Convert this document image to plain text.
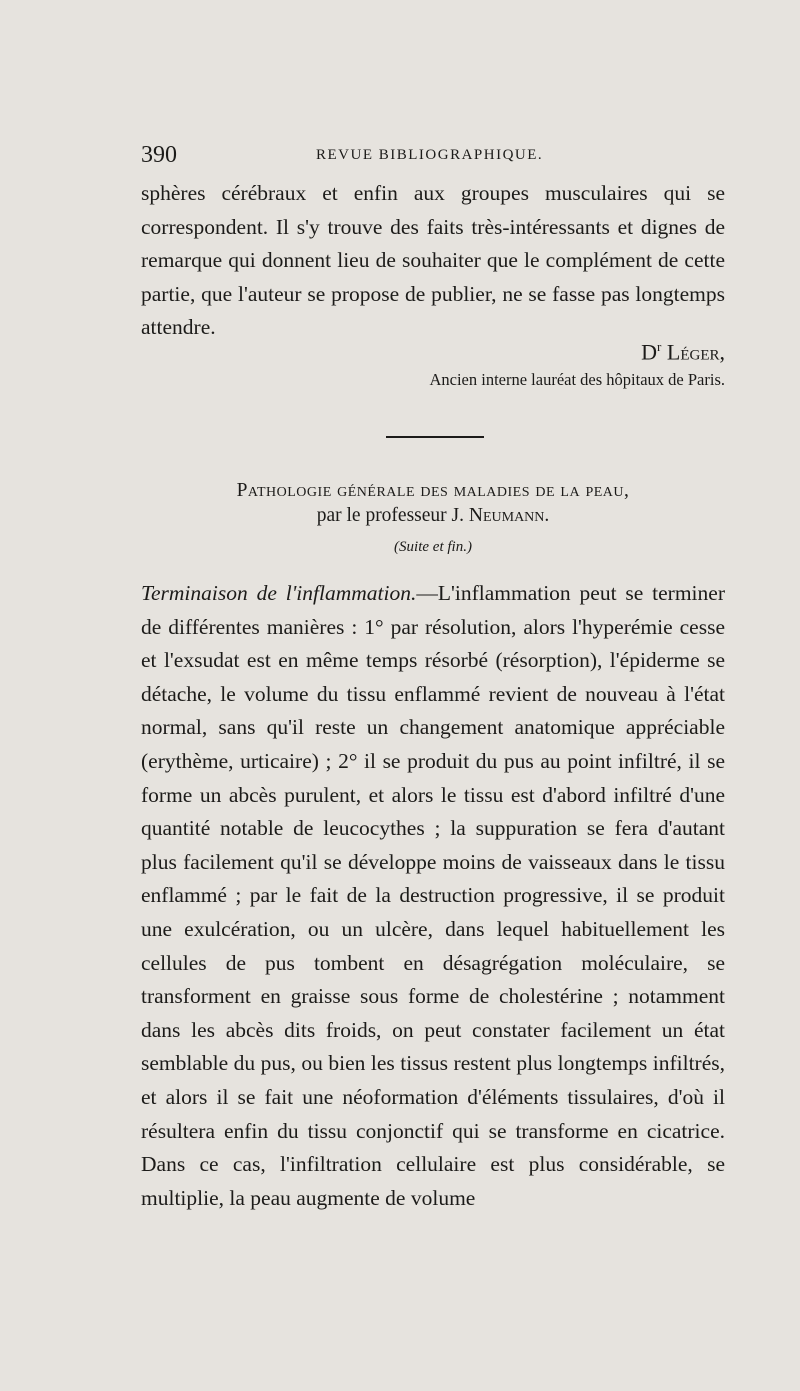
390	REVUE BIBLIOGRAPHIQUE.

sphères cérébraux et enfin aux groupes musculaires qui se correspondent. Il s'y trouve des faits très-intéressants et dignes de remarque qui donnent lieu de souhaiter que le complément de cette partie, que l'auteur se propose de publier, ne se fasse pas longtemps attendre.

$D^r$ Léger,
Ancien interne lauréat des hôpitaux de Paris.
Pathologie générale des maladies de la peau,
par le professeur J. Neumann.
(Suite et fin.)

Terminaison de l'inflammation.—L'inflammation peut se terminer de différentes manières : 1° par résolution, alors l'hyperémie cesse et l'exsudat est en même temps résorbé (résorption), l'épiderme se détache, le volume du tissu enflammé revient de nouveau à l'état normal, sans qu'il reste un changement anatomique appréciable (erythème, urticaire) ; 2° il se produit du pus au point infiltré, il se forme un abcès purulent, et alors le tissu est d'abord infiltré d'une quantité notable de leucocythes ; la suppuration se fera d'autant plus facilement qu'il se développe moins de vaisseaux dans le tissu enflammé ; par le fait de la destruction progressive, il se produit une exulcération, ou un ulcère, dans lequel habituellement les cellules de pus tombent en désagrégation moléculaire, se transforment en graisse sous forme de cholestérine ; notamment dans les abcès dits froids, on peut constater facilement un état semblable du pus, ou bien les tissus restent plus longtemps infiltrés, et alors il se fait une néoformation d'éléments tissulaires, d'où il résultera enfin du tissu conjonctif qui se transforme en cicatrice. Dans ce cas, l'infiltration cellulaire est plus considérable, se multiplie, la peau augmente de volume
